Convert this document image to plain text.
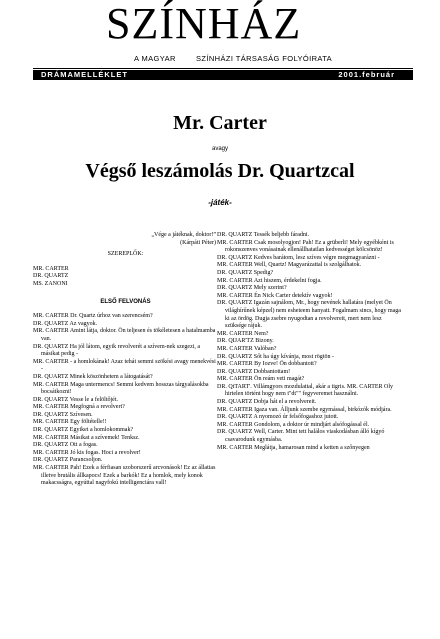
SZÍNHÁZ
A MAGYAR	SZÍNHÁZI TÁRSASÁG FOLYÓIRATA
DRÁMAMELLÉKLET	2001.február
Mr. Carter
avagy
Végső leszámolás Dr. Quartzcal
-játék-

„Vége a játéknak, doktor!”

(Kárpáti Péter)

SZEREPLŐK:

MR. CARTER

DR. QUARTZ

MS. ZANONI

ELSŐ FELVONÁS

MR. CARTER Dr. Quartz úrhoz van szerencsém?

DR. QUARTZ Az vagyok.

MR. CARTER Amint látja, doktor. Ön teljesen és tökéletesen a hatalmamba van.

DR. QUARTZ Ha jól látom, egyik revolverét a szívem-nek szegezi, a másikat pedig -

MR. CARTER - a homlokának! Azaz tehát semmi szökési avagy menekvési -

DR. QUARTZ Minek köszönhetem a látogatását?

MR. CARTER Maga untermencs! Semmi kedvem hosszas tárgyalásokba bocsátkozni!

DR. QUARTZ Vesse le a felöltőjét.

MR. CARTER Megfogná a revolvert?

DR. QUARTZ Szívesen.

MR. CARTER Egy föltételle!!

DR. QUARTZ Egyiket a homlokommak?

MR. CARTER Másikat a szívemek! Tenksz.

DR. QUARTZ Ott a fogas.

MR. CARTER Jó kis fogas. Hoci a revolver!

DR. QUARTZ Parancsoljon.

MR. CARTER Pah! Ezek a férfiasan szoborszerű arcvonások! Ez az állatias illetve brutális állkapocs! Ezek a barkók! Ez a homlok, mely konok makacsságra, egyúttal nagyfokú intelligenciára vall!

DR. QUARTZ Tessék beljebb fáradni.

MR. CARTER Csak mosolyogjon! Pah! Ez a grüberli! Mely egyébként is rokonszenves vonásainak ellenállhatatlan kedvességet kölcsönöz!

DR. QUARTZ Kedves barátom, lesz szíves végre megmagyarázni -

MR. CARTER Well, Quartz! Magyarázattal is szolgálhatok.

DR. QUARTZ Spedig?

MR. CARTER Azt hiszem, érdekelni fogja.

DR. QUARTZ Mely szerint?

MR. CARTER Én Nick Carter detektív vagyok!

DR. QUARTZ Igazán sajnálom, Mr., hogy nevének hallatára (melyet Ön világhírűnek képzel) nem esheteem hanyatt. Fogalmam sincs, hogy maga ki az ördög. Dugja zsebre nyugodtan a revolvereit, mert nem lesz szüksége rájuk.

MR. CARTER Nem?

DR. QIJAR'TZ Bizony.

MR. CARTER Valóban?

DR. QUARTZ Sőt ha úgy kívánja, most rögtön -

MR. CARTER By Iozve! Ön dobbantott?

DR. QUARTZ Dobbantottam!

MR. CARTER Ön reám veti magát?

DR. QtTART'. Villámgyors mozdulattal, akár a tigris. MR. CARTER Oly hirtelen történt hogy nem t"dt"" fegyveremet használni.

DR. QUARTZ Dobja hát el a revolvereit.

MR. CARTER Igaza van. Álljunk szembe egymással, birkózók módjára.

DR. QUARTZ A nyomozó úr felsőfogashoz jutott.

MR. CARTER Gondolom, a doktor úr mindjárt alsófogással él.

DR. QUARTZ Well, Carter. Mint tett halálos viaskodásban álló kígyó csavarodunk egymásba.

MR. CARTER Meglátja, hamarosan mind a ketten a szőnyegen
